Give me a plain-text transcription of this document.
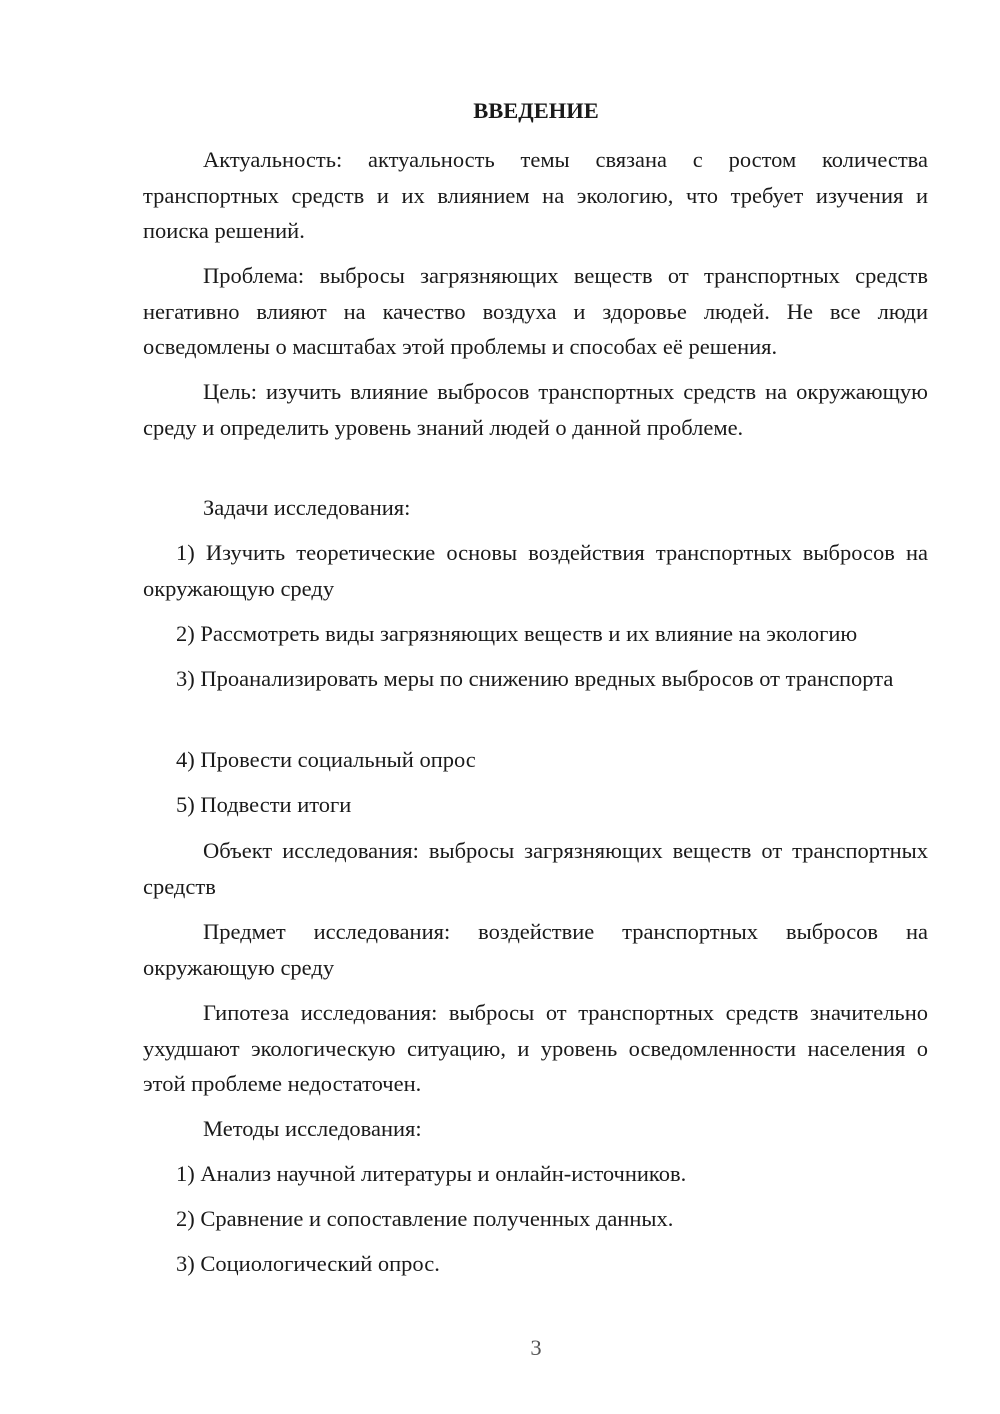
ВВЕДЕНИЕ

Актуальность: актуальность темы связана с ростом количества транспортных средств и их влиянием на экологию, что требует изучения и поиска решений.

Проблема: выбросы загрязняющих веществ от транспортных средств негативно влияют на качество воздуха и здоровье людей. Не все люди осведомлены о масштабах этой проблемы и способах её решения.

Цель: изучить влияние выбросов транспортных средств на окружающую среду и определить уровень знаний людей о данной проблеме.

Задачи исследования:

1) Изучить теоретические основы воздействия транспортных выбросов на окружающую среду

2) Рассмотреть виды загрязняющих веществ и их влияние на экологию

3) Проанализировать меры по снижению вредных выбросов от транспорта

4) Провести социальный опрос

5) Подвести итоги

Объект исследования: выбросы загрязняющих веществ от транспортных средств

Предмет исследования: воздействие транспортных выбросов на окружающую среду

Гипотеза исследования: выбросы от транспортных средств значительно ухудшают экологическую ситуацию, и уровень осведомленности населения о этой проблеме недостаточен.

Методы исследования:

1) Анализ научной литературы и онлайн-источников.

2) Сравнение и сопоставление полученных данных.

3) Социологический опрос.

3
